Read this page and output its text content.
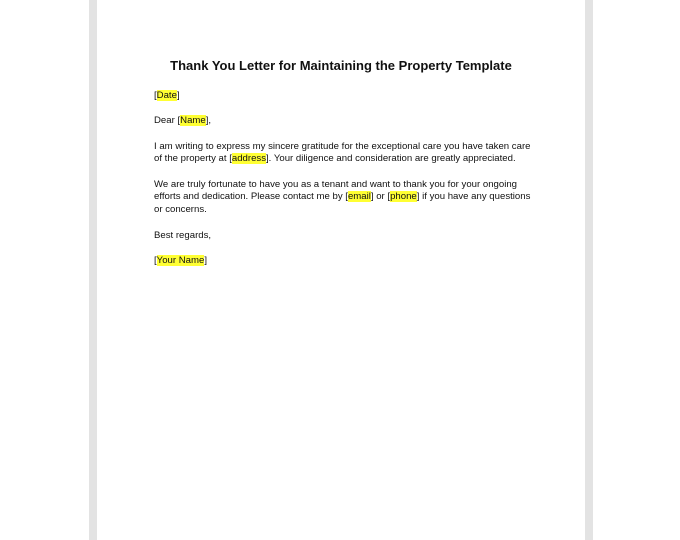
Thank You Letter for Maintaining the Property Template

[Date]

Dear [Name],

I am writing to express my sincere gratitude for the exceptional care you have taken care of the property at [address]. Your diligence and consideration are greatly appreciated.

We are truly fortunate to have you as a tenant and want to thank you for your ongoing efforts and dedication. Please contact me by [email] or [phone] if you have any questions or concerns.

Best regards,

[Your Name]
